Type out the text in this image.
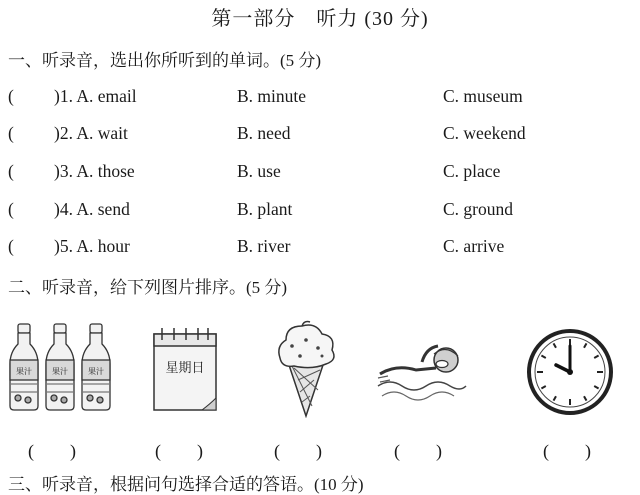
第一部分　听力 (30 分)
一、听录音，选出你所听到的单词。(5 分)
( )1. A. email	B. minute	C. museum
( )2. A. wait	B. need	C. weekend
( )3. A. those	B. use	C. place
( )4. A. send	B. plant	C. ground
( )5. A. hour	B. river	C. arrive
二、听录音，给下列图片排序。(5 分)
果汁	果汁	果汁	星期日
(　　)	(　　)	(　　)	(　　)	(　　)
三、听录音，根据问句选择合适的答语。(10 分)
